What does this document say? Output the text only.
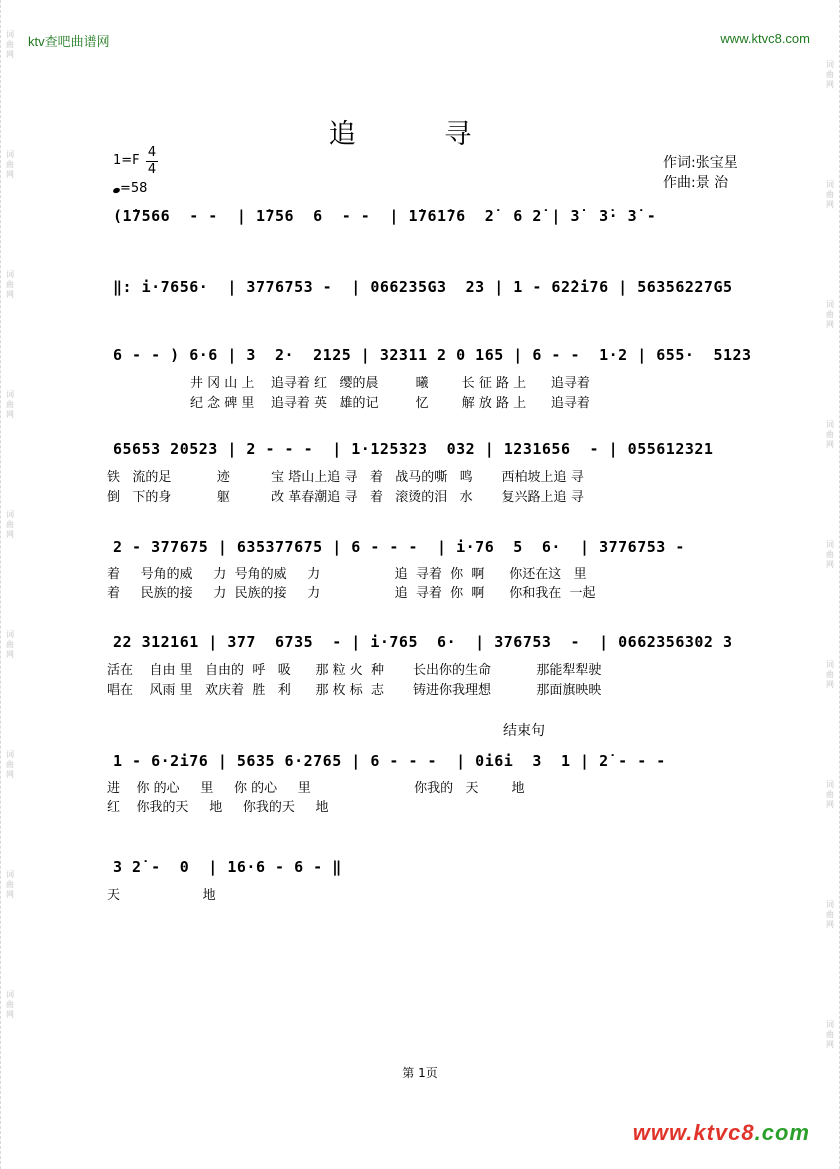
词曲网
词曲网
词曲网
词曲网
词曲网
词曲网
词曲网
词曲网
词曲网
词曲网
词曲网
词曲网
词曲网
词曲网
词曲网
词曲网
词曲网
词曲网
ktv查吧曲谱网	www.ktvc8.com
追 寻
1=F
4
4
=58
作词:张宝星
作曲:景 治
(1̇7566  - -  | 1̇756  6  - -  | 1̇761̇76  2̇  6 2̇ | 3̇  3̇· 3̇ -
‖: i·7656·  | 3776753 -  | 066235G3  23 | 1 - 62̇2̇i76 | 56356227G5
6 - - ) 6·6 | 3  2·  2125 | 32311 2 0 165 | 6 - -  1·2 | 655·  5123
井 冈 山 上    追寻着 红   缨的晨         曦        长 征 路 上      追寻着
纪 念 碑 里    追寻着 英   雄的记         忆        解 放 路 上      追寻着
65653 20523 | 2 - - -  | 1·125323  032 | 1231656  - | 055612321
铁   流的足           迹          宝 塔山上追 寻   着   战马的嘶   鸣       西柏坡上追 寻
倒   下的身           躯          改 革春潮追 寻   着   滚烫的泪   水       复兴路上追 寻
2 - 377675 | 635377675 | 6 - - -  | i·76  5  6·  | 3776753 -
着     号角的威     力  号角的威     力                  追  寻着  你  啊      你还在这   里
着     民族的接     力  民族的接     力                  追  寻着  你  啊      你和我在  一起
22 312161 | 377  6735  - | i·765  6·  | 376753  -  | 0662356302 3
活在    自由 里   自由的  呼   吸      那 粒 火  种       长出你的生命           那能犁犁驶
唱在    风雨 里   欢庆着  胜   利      那 枚 标  志       铸进你我理想           那面旗映映
结束句
1 - 6·2i76 | 5635 6·2765 | 6 - - -  | 0i6i  3  1 | 2̇ - - -
进    你 的心     里     你 的心     里                         你我的   天        地
红    你我的天     地     你我的天     地
3 2̇ -  0  | 16·6 - 6 - ‖
天                    地
第 1页
www.ktvc8.com
